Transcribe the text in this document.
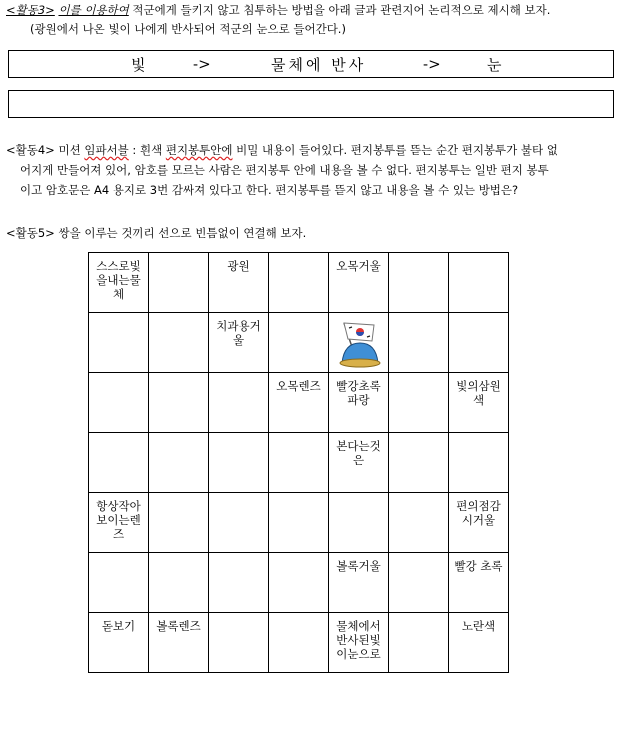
<활동3> 이를 이용하여 적군에게 들키지 않고 침투하는 방법을 아래 글과 관련지어 논리적으로 제시해 보자.
(광원에서 나온 빛이 나에게 반사되어 적군의 눈으로 들어간다.)
빛	->	물체에 반사	->	눈
<활동4> 미션 임파서블 : 흰색 편지봉투안에 비밀 내용이 들어있다. 편지봉투를 뜯는 순간 편지봉투가 불타 없
어지게 만들어져 있어, 암호를 모르는 사람은 편지봉투 안에 내용을 볼 수 없다. 편지봉투는 일반 편지 봉투
이고 암호문은 A4 용지로 3번 감싸져 있다고 한다. 편지봉투를 뜯지 않고 내용을 볼 수 있는 방법은?
<활동5> 쌍을 이루는 것끼리 선으로 빈틈없이 연결해 보자.
스스로빛을내는물체		광원		오목거울		
		치과용거울		

			오목렌즈	빨강초록파랑		빛의삼원색
				본다는것은		
항상작아보이는렌즈						편의점감시거울
				볼록거울		빨강 초록
돋보기	볼록렌즈			물체에서반사된빛이눈으로		노란색
